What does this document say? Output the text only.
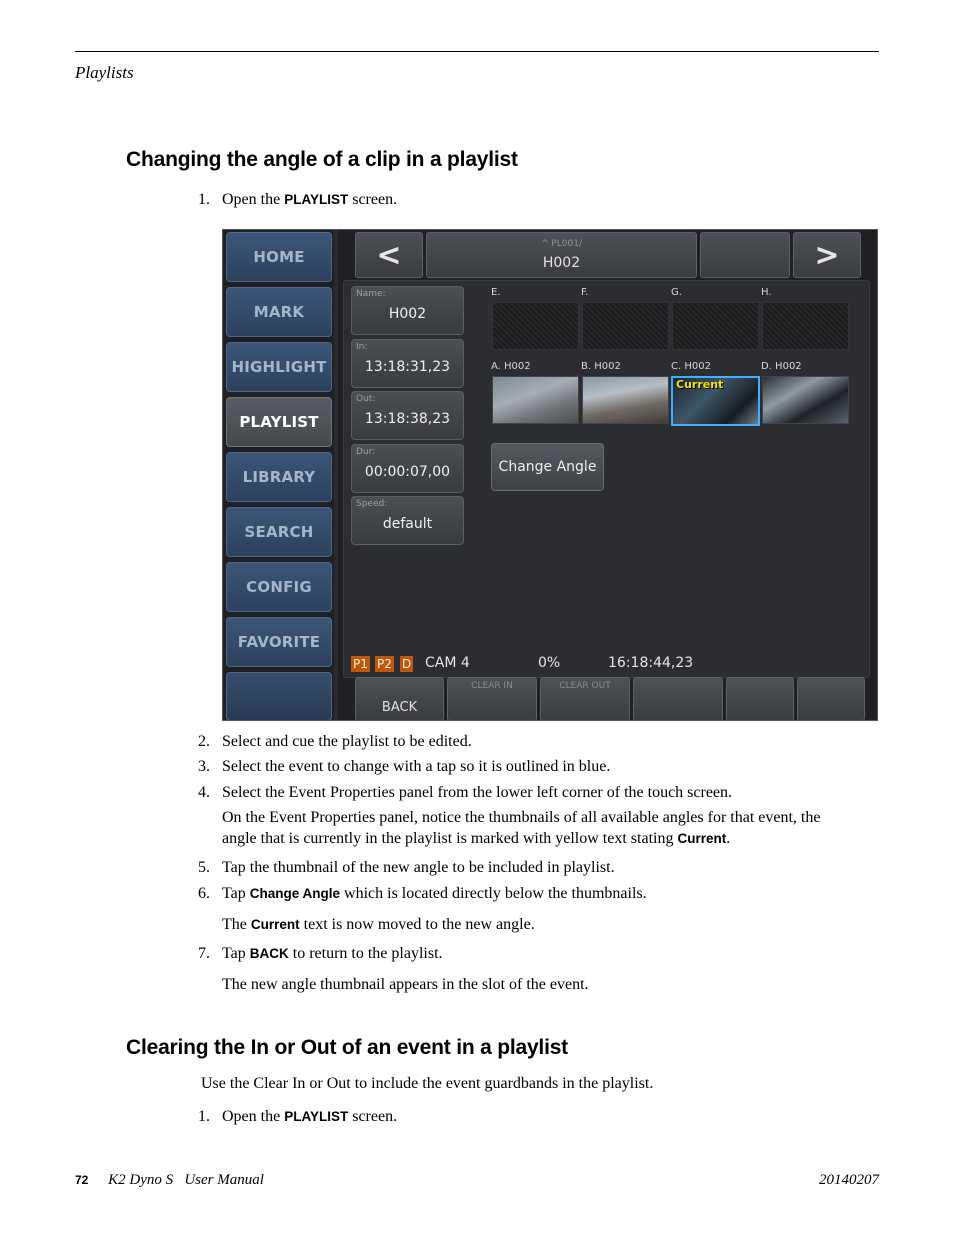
Playlists
Changing the angle of a clip in a playlist
1. Open the PLAYLIST screen.
HOME
MARK
HIGHLIGHT
PLAYLIST
LIBRARY
SEARCH
CONFIG
FAVORITE
<	^ PL001/
H002	>
Name:
H002
In:
13:18:31,23
Out:
13:18:38,23
Dur:
00:00:07,00
Speed:
default
E.	F.	G.	H.
A. H002	B. H002	C. H002	D. H002
Current
Change Angle
P1 P2 D CAM 4	0%	16:18:44,23
BACK
CLEAR IN	CLEAR OUT
2. Select and cue the playlist to be edited.
3. Select the event to change with a tap so it is outlined in blue.
4. Select the Event Properties panel from the lower left corner of the touch screen.
On the Event Properties panel, notice the thumbnails of all available angles for that event, the
angle that is currently in the playlist is marked with yellow text stating Current.
5. Tap the thumbnail of the new angle to be included in playlist.
6. Tap Change Angle which is located directly below the thumbnails.
The Current text is now moved to the new angle.
7. Tap BACK to return to the playlist.
The new angle thumbnail appears in the slot of the event.
Clearing the In or Out of an event in a playlist
Use the Clear In or Out to include the event guardbands in the playlist.
1. Open the PLAYLIST screen.
72 K2 Dyno S   User Manual	20140207
